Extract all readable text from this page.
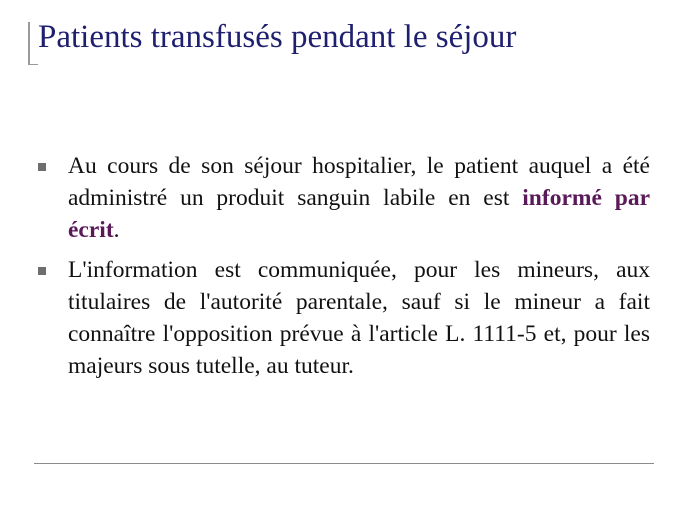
Patients transfusés pendant le séjour
Au cours de son séjour hospitalier, le patient auquel a été administré un produit sanguin labile en est informé par écrit.
L'information est communiquée, pour les mineurs, aux titulaires de l'autorité parentale, sauf si le mineur a fait connaître l'opposition prévue à l'article L. 1111-5 et, pour les majeurs sous tutelle, au tuteur.
